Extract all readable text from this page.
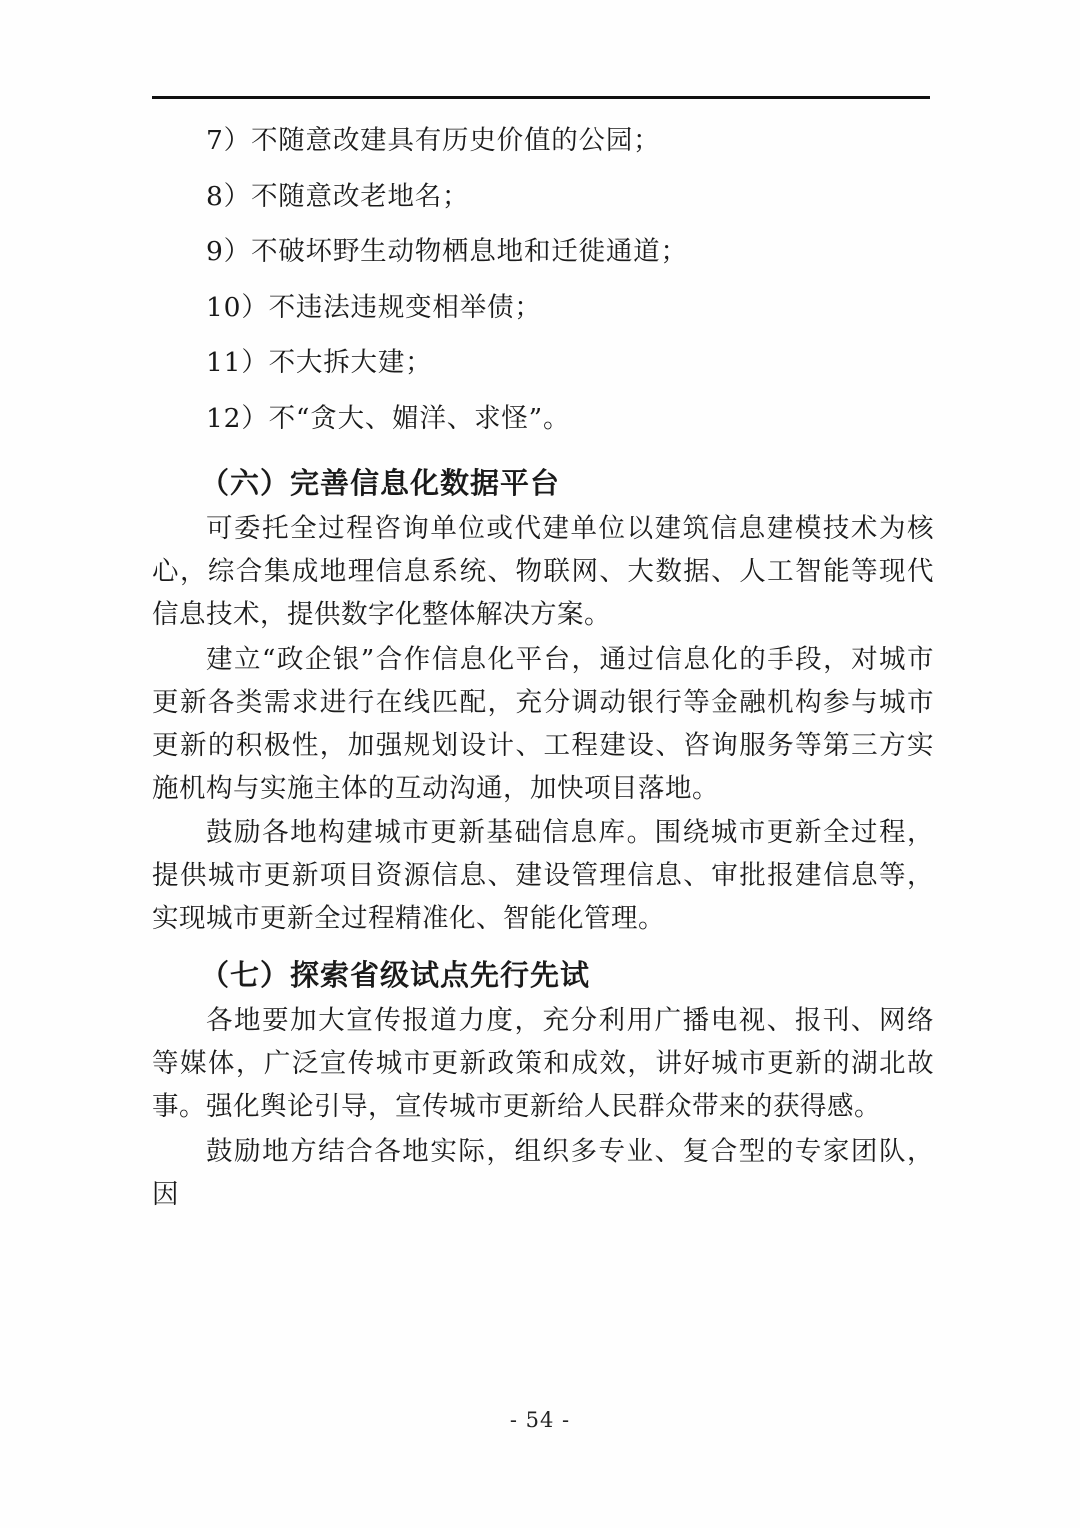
7）不随意改建具有历史价值的公园；
8）不随意改老地名；
9）不破坏野生动物栖息地和迁徙通道；
10）不违法违规变相举债；
11）不大拆大建；
12）不“贪大、媚洋、求怪”。
（六）完善信息化数据平台

可委托全过程咨询单位或代建单位以建筑信息建模技术为核心，综合集成地理信息系统、物联网、大数据、人工智能等现代信息技术，提供数字化整体解决方案。

建立“政企银”合作信息化平台，通过信息化的手段，对城市更新各类需求进行在线匹配，充分调动银行等金融机构参与城市更新的积极性，加强规划设计、工程建设、咨询服务等第三方实施机构与实施主体的互动沟通，加快项目落地。

鼓励各地构建城市更新基础信息库。围绕城市更新全过程，提供城市更新项目资源信息、建设管理信息、审批报建信息等，实现城市更新全过程精准化、智能化管理。

（七）探索省级试点先行先试

各地要加大宣传报道力度，充分利用广播电视、报刊、网络等媒体，广泛宣传城市更新政策和成效，讲好城市更新的湖北故事。强化舆论引导，宣传城市更新给人民群众带来的获得感。

鼓励地方结合各地实际，组织多专业、复合型的专家团队，因

- 54 -
